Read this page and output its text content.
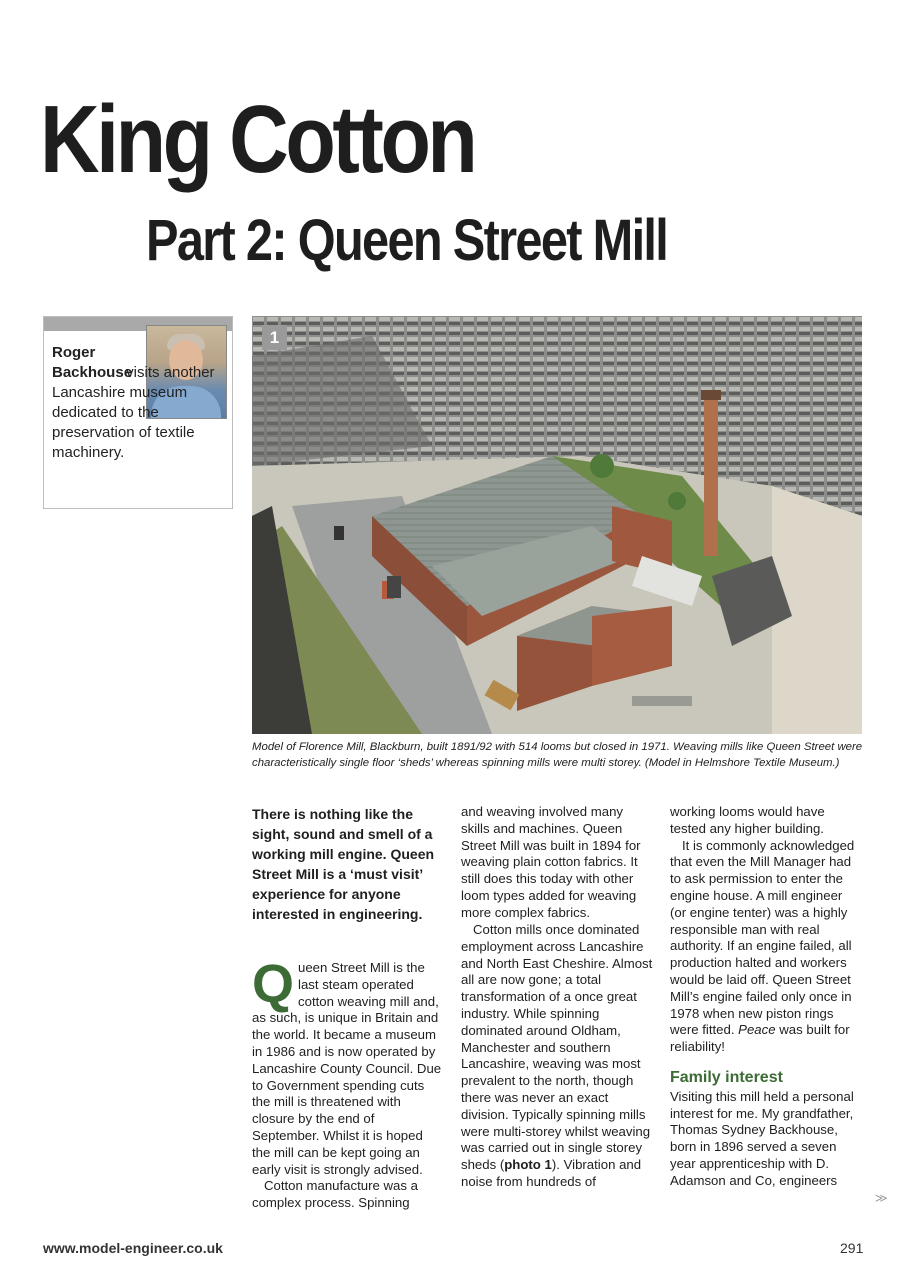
King Cotton
Part 2: Queen Street Mill
Roger Backhouse visits another Lancashire museum dedicated to the preservation of textile machinery.
1
Model of Florence Mill, Blackburn, built 1891/92 with 514 looms but closed in 1971. Weaving mills like Queen Street were characteristically single floor ‘sheds’ whereas spinning mills were multi storey. (Model in Helmshore Textile Museum.)

There is nothing like the sight, sound and smell of a working mill engine. Queen Street Mill is a ‘must visit’ experience for anyone interested in engineering.

Queen Street Mill is the last steam operated cotton weaving mill and, as such, is unique in Britain and the world. It became a museum in 1986 and is now operated by Lancashire County Council. Due to Government spending cuts the mill is threatened with closure by the end of September. Whilst it is hoped the mill can be kept going an early visit is strongly advised.

Cotton manufacture was a complex process. Spinning

and weaving involved many skills and machines. Queen Street Mill was built in 1894 for weaving plain cotton fabrics. It still does this today with other loom types added for weaving more complex fabrics.

Cotton mills once dominated employment across Lancashire and North East Cheshire. Almost all are now gone; a total transformation of a once great industry. While spinning dominated around Oldham, Manchester and southern Lancashire, weaving was most prevalent to the north, though there was never an exact division. Typically spinning mills were multi-storey whilst weaving was carried out in single storey sheds (photo 1). Vibration and noise from hundreds of

working looms would have tested any higher building.

It is commonly acknowledged that even the Mill Manager had to ask permission to enter the engine house. A mill engineer (or engine tenter) was a highly responsible man with real authority. If an engine failed, all production halted and workers would be laid off. Queen Street Mill’s engine failed only once in 1978 when new piston rings were fitted. Peace was built for reliability!

Family interest

Visiting this mill held a personal interest for me. My grandfather, Thomas Sydney Backhouse, born in 1896 served a seven year apprenticeship with D. Adamson and Co, engineers

≫
www.model-engineer.co.uk	291
